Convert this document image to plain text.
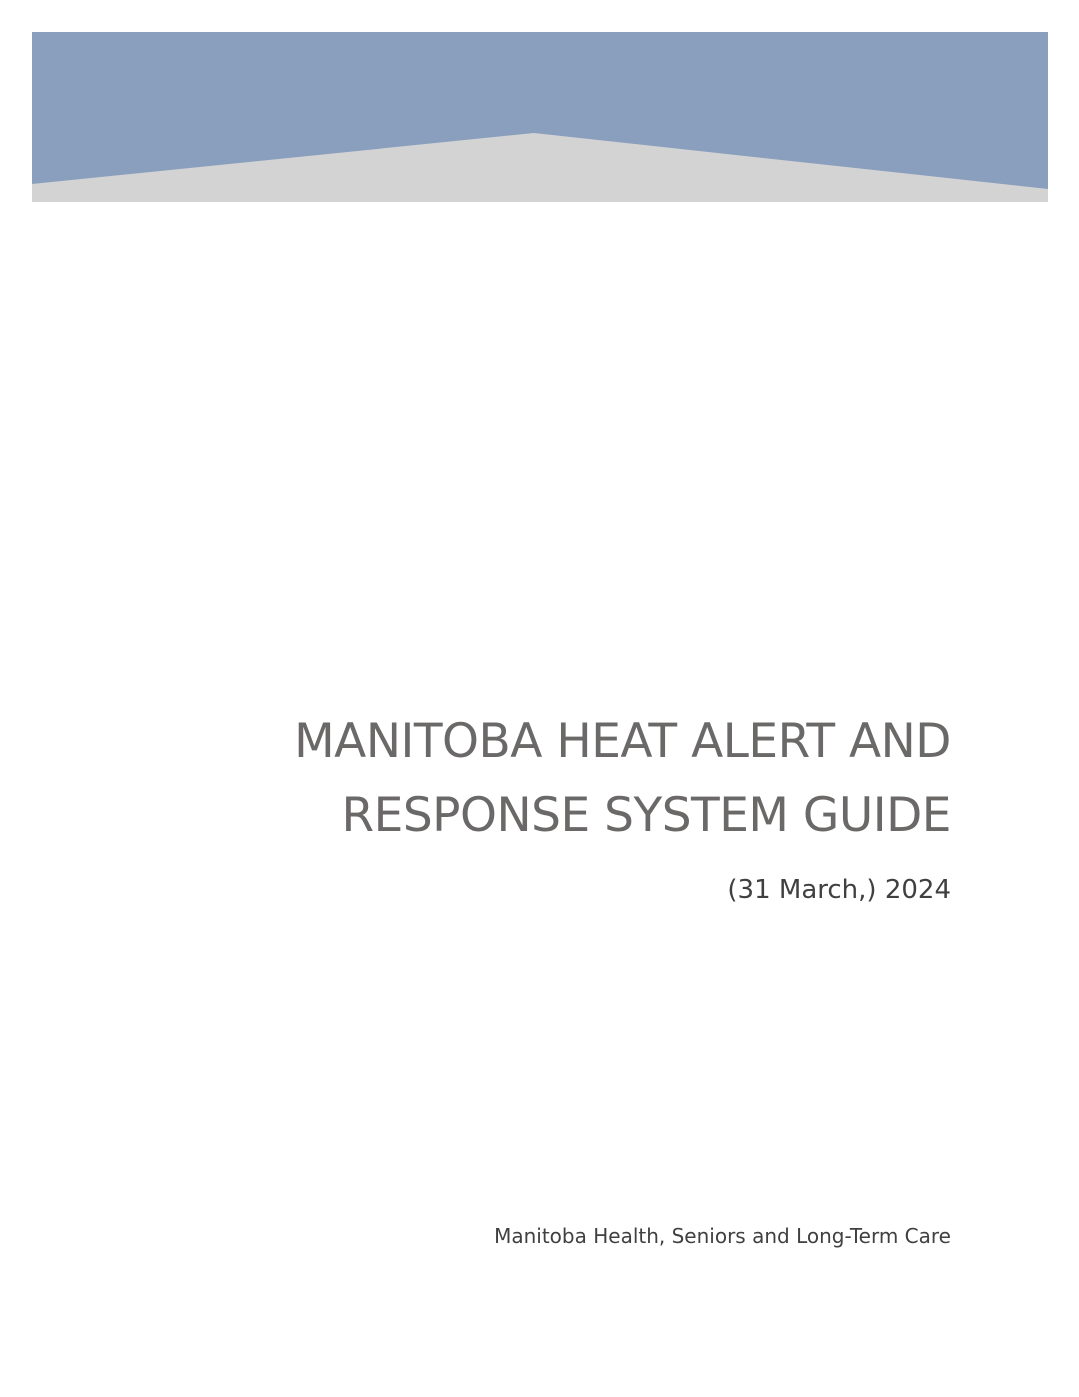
MANITOBA HEAT ALERT AND
RESPONSE SYSTEM GUIDE
(31 March,) 2024
Manitoba Health, Seniors and Long-Term Care
